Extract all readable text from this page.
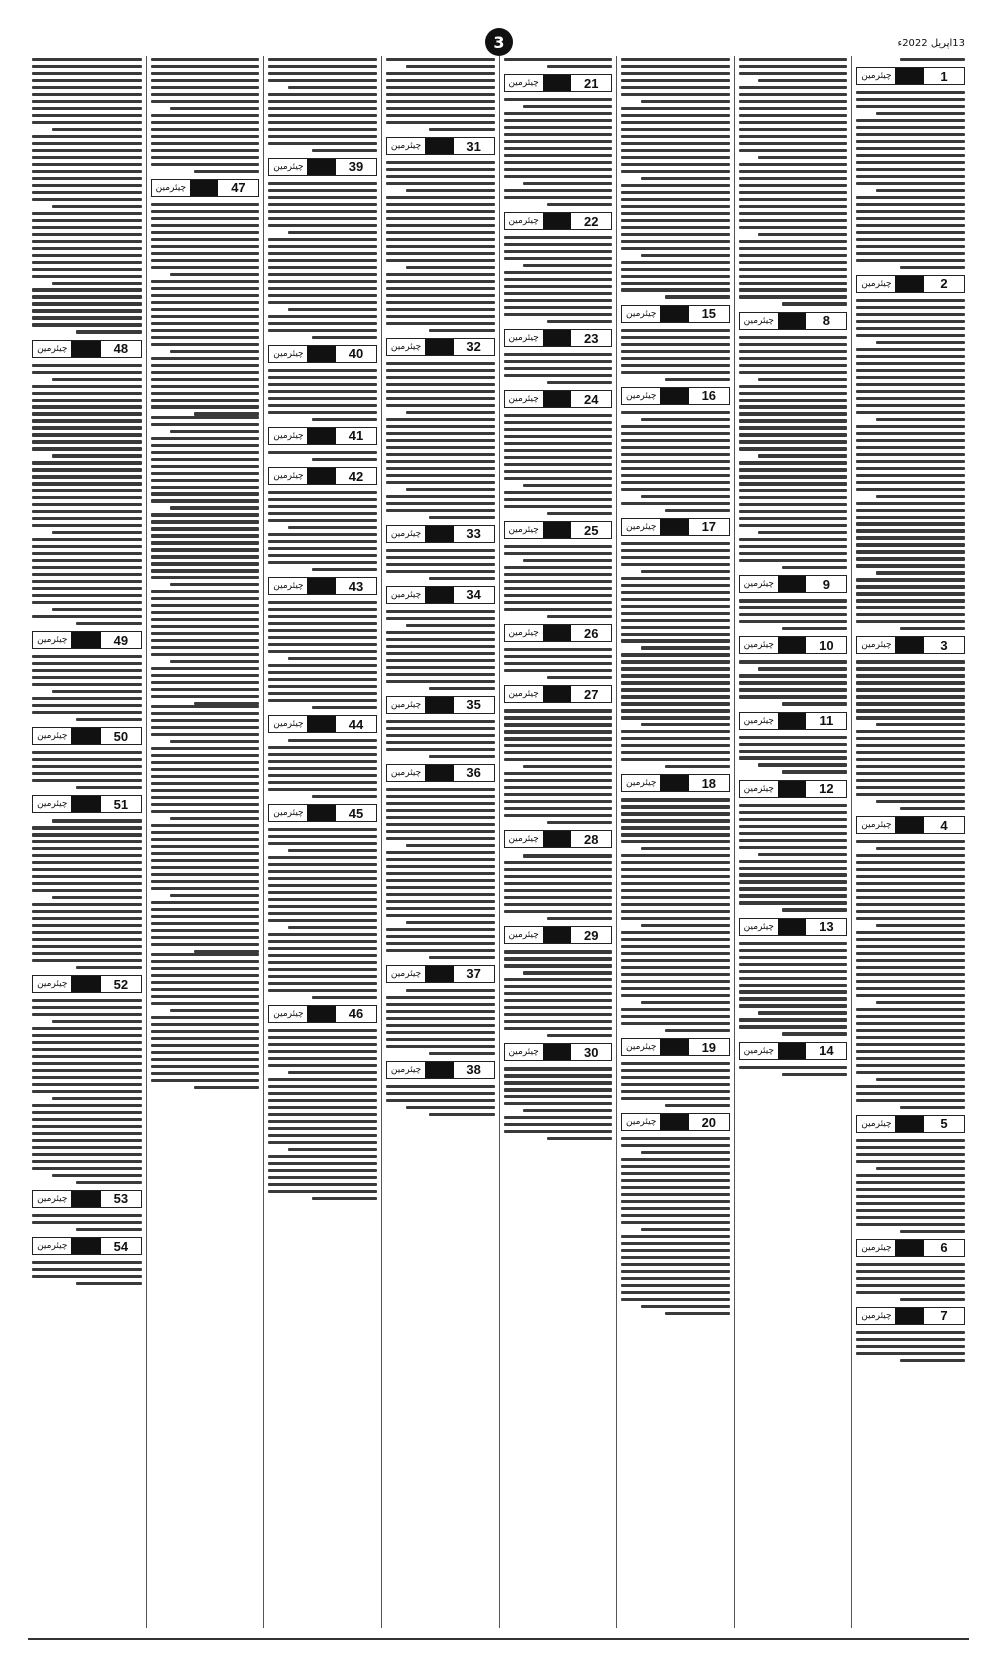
3	13اپریل 2022ء
1
چیئرمین
2
چیئرمین
3
چیئرمین
4
چیئرمین
5
چیئرمین
6
چیئرمین
7
چیئرمین
8
چیئرمین
9
چیئرمین
10
چیئرمین
11
چیئرمین
12
چیئرمین
13
چیئرمین
14
چیئرمین
15
چیئرمین
16
چیئرمین
17
چیئرمین
18
چیئرمین
19
چیئرمین
20
چیئرمین
21
چیئرمین
22
چیئرمین
23
چیئرمین
24
چیئرمین
25
چیئرمین
26
چیئرمین
27
چیئرمین
28
چیئرمین
29
چیئرمین
30
چیئرمین
31
چیئرمین
32
چیئرمین
33
چیئرمین
34
چیئرمین
35
چیئرمین
36
چیئرمین
37
چیئرمین
38
چیئرمین
39
چیئرمین
40
چیئرمین
41
چیئرمین
42
چیئرمین
43
چیئرمین
44
چیئرمین
45
چیئرمین
46
چیئرمین
47
چیئرمین
48
چیئرمین
49
چیئرمین
50
چیئرمین
51
چیئرمین
52
چیئرمین
53
چیئرمین
54
چیئرمین
